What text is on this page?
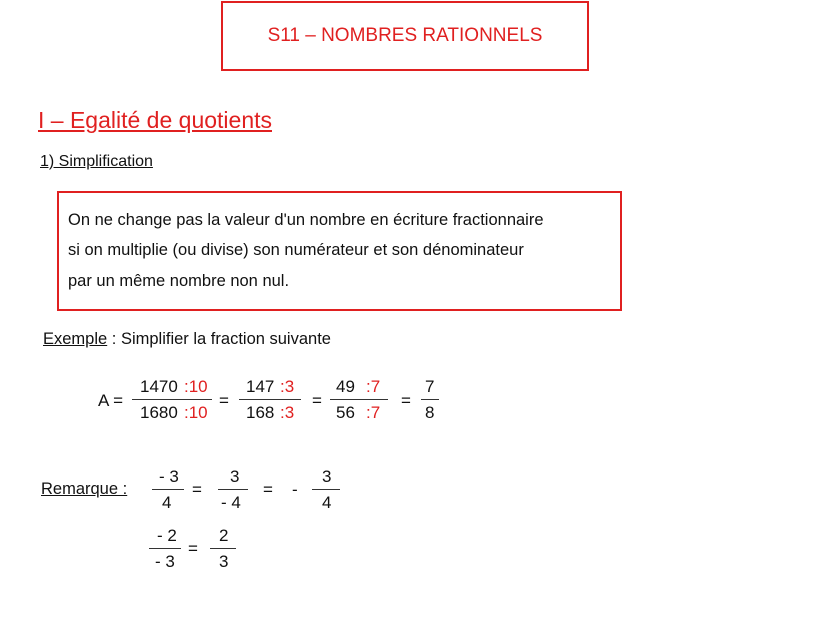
S11 – NOMBRES RATIONNELS
I – Egalité de quotients
1) Simplification
On ne change pas la valeur d'un nombre en écriture fractionnaire
si on multiplie (ou divise) son numérateur et son dénominateur
par un même nombre non nul.
Exemple : Simplifier la fraction suivante
A =
1470 :10
1680 :10
=
147 :3
168 :3
=
49 :7
56 :7
=
7
8
Remarque :
- 3
4
=
3
- 4
= -
3
4
- 2
- 3
=
2
3
